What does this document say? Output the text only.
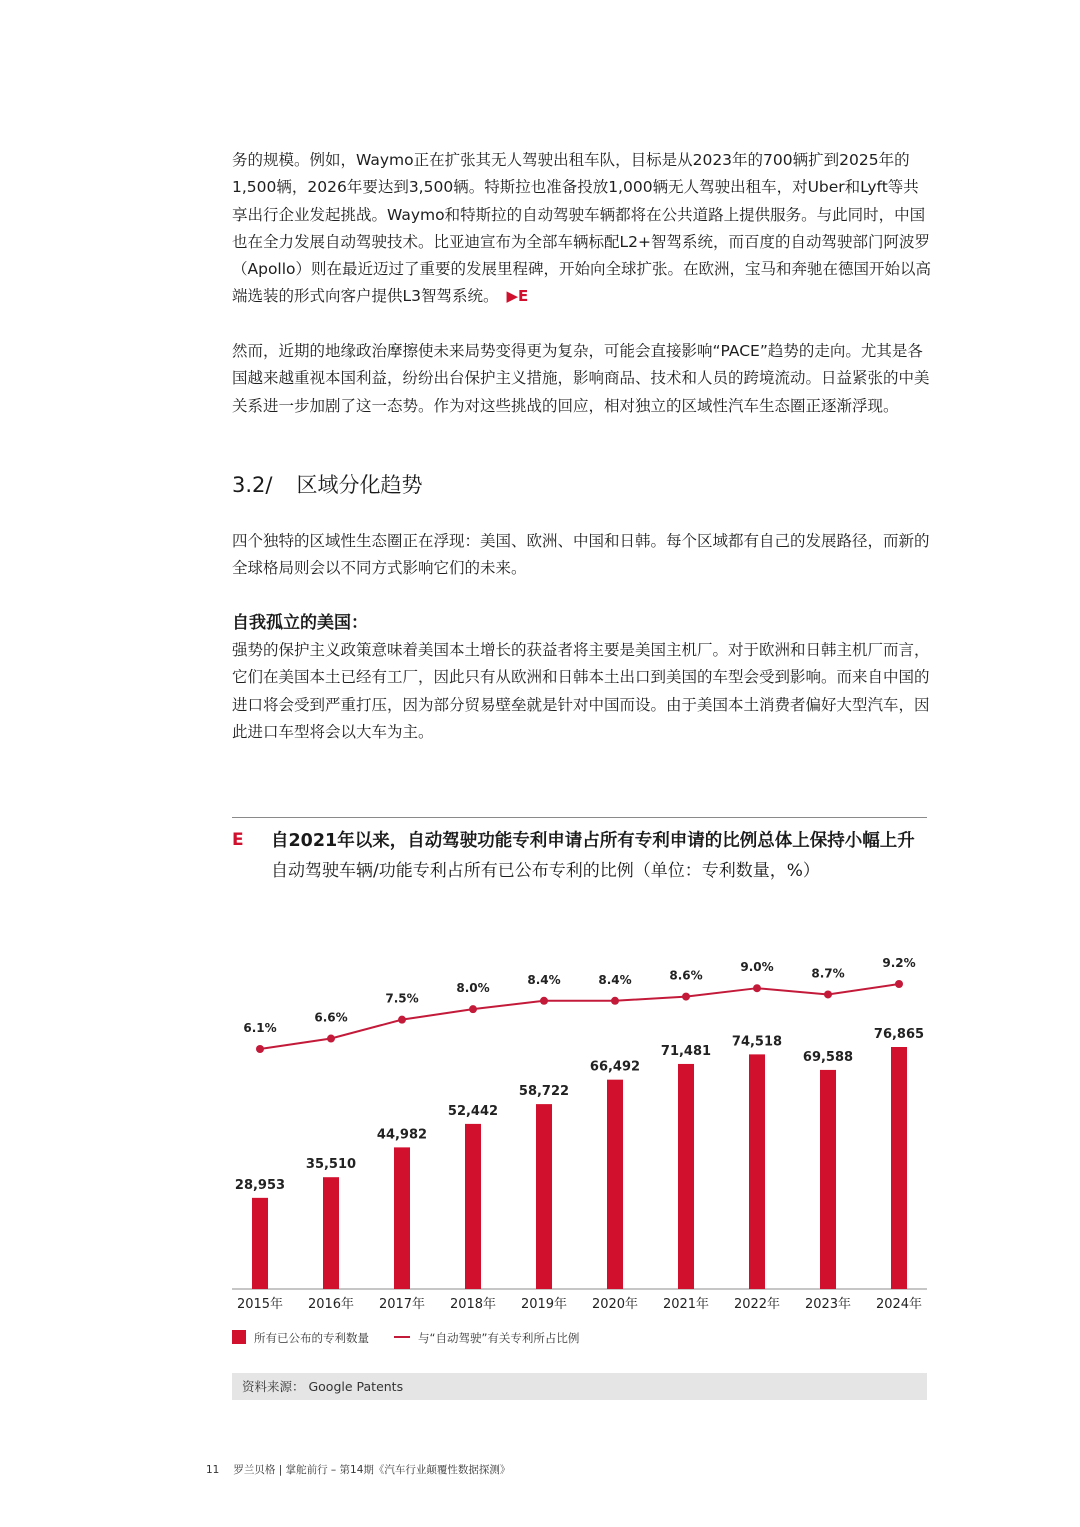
务的规模。例如，Waymo正在扩张其无人驾驶出租车队，目标是从2023年的700辆扩到2025年的1,500辆，2026年要达到3,500辆。特斯拉也准备投放1,000辆无人驾驶出租车，对Uber和Lyft等共享出行企业发起挑战。Waymo和特斯拉的自动驾驶车辆都将在公共道路上提供服务。与此同时，中国也在全力发展自动驾驶技术。比亚迪宣布为全部车辆标配L2+智驾系统，而百度的自动驾驶部门阿波罗（Apollo）则在最近迈过了重要的发展里程碑，开始向全球扩张。在欧洲，宝马和奔驰在德国开始以高端选装的形式向客户提供L3智驾系统。 ▶E

然而，近期的地缘政治摩擦使未来局势变得更为复杂，可能会直接影响“PACE”趋势的走向。尤其是各国越来越重视本国利益，纷纷出台保护主义措施，影响商品、技术和人员的跨境流动。日益紧张的中美关系进一步加剧了这一态势。作为对这些挑战的回应，相对独立的区域性汽车生态圈正逐渐浮现。

3.2/ 区域分化趋势

四个独特的区域性生态圈正在浮现：美国、欧洲、中国和日韩。每个区域都有自己的发展路径，而新的全球格局则会以不同方式影响它们的未来。

自我孤立的美国：

强势的保护主义政策意味着美国本土增长的获益者将主要是美国主机厂。对于欧洲和日韩主机厂而言，它们在美国本土已经有工厂，因此只有从欧洲和日韩本土出口到美国的车型会受到影响。而来自中国的进口将会受到严重打压，因为部分贸易壁垒就是针对中国而设。由于美国本土消费者偏好大型汽车，因此进口车型将会以大车为主。

E 自2021年以来，自动驾驶功能专利申请占所有专利申请的比例总体上保持小幅上升
自动驾驶车辆/功能专利占所有已公布专利的比例（单位：专利数量，%）
28,953
2015年
35,510
2016年
44,982
2017年
52,442
2018年
58,722
2019年
66,492
2020年
71,481
2021年
74,518
2022年
69,588
2023年
76,865
2024年
6.1%
6.6%
7.5%
8.0%
8.4%	8.4%	8.6%
9.0%	8.7%
9.2%
所有已公布的专利数量	与“自动驾驶”有关专利所占比例
资料来源： Google Patents
11 罗兰贝格 | 掌舵前行 – 第14期《汽车行业颠覆性数据探测》
